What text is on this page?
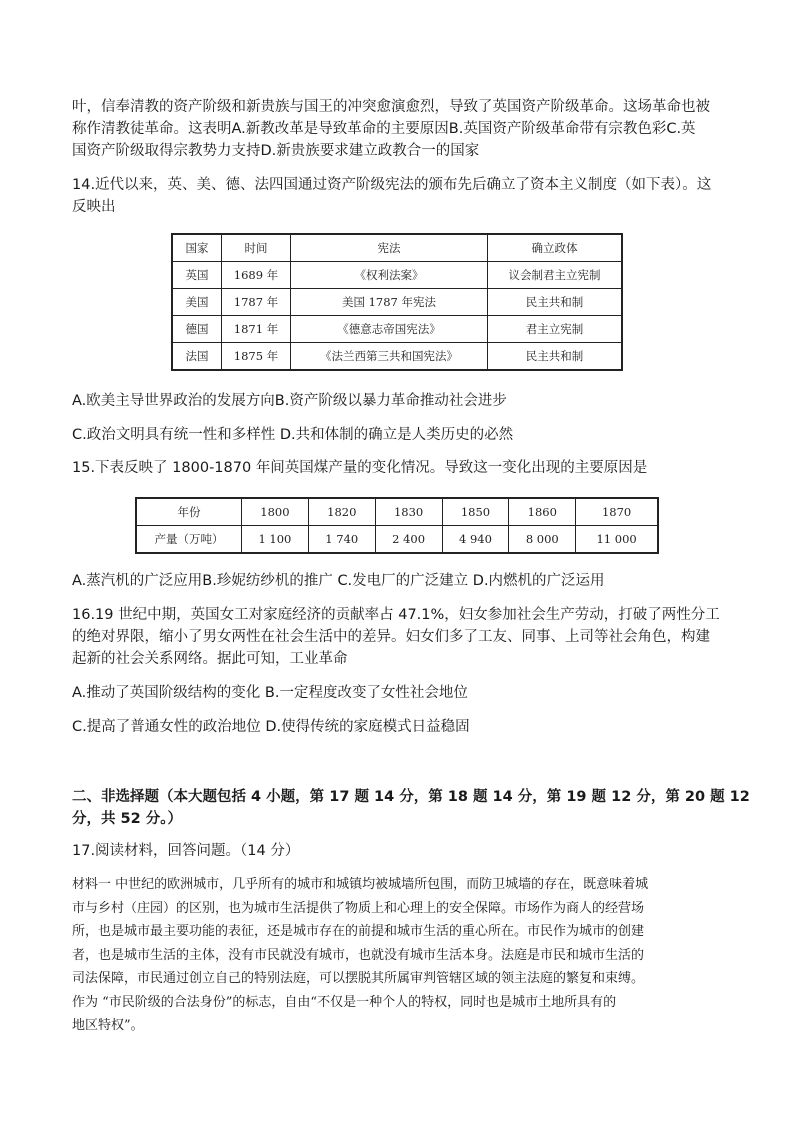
叶，信奉清教的资产阶级和新贵族与国王的冲突愈演愈烈，导致了英国资产阶级革命。这场革命也被

称作清教徒革命。这表明A.新教改革是导致革命的主要原因B.英国资产阶级革命带有宗教色彩C.英

国资产阶级取得宗教势力支持D.新贵族要求建立政教合一的国家

14.近代以来，英、美、德、法四国通过资产阶级宪法的颁布先后确立了资本主义制度（如下表）。这

反映出

国家	时间	宪法	确立政体
英国	1689 年	《权利法案》	议会制君主立宪制
美国	1787 年	美国 1787 年宪法	民主共和制
德国	1871 年	《德意志帝国宪法》	君主立宪制
法国	1875 年	《法兰西第三共和国宪法》	民主共和制

A.欧美主导世界政治的发展方向B.资产阶级以暴力革命推动社会进步

C.政治文明具有统一性和多样性 D.共和体制的确立是人类历史的必然

15.下表反映了 1800-1870 年间英国煤产量的变化情况。导致这一变化出现的主要原因是

年份	1800	1820	1830	1850	1860	1870
产量（万吨）	1 100	1 740	2 400	4 940	8 000	11 000

A.蒸汽机的广泛应用B.珍妮纺纱机的推广 C.发电厂的广泛建立 D.内燃机的广泛运用

16.19 世纪中期，英国女工对家庭经济的贡献率占 47.1%，妇女参加社会生产劳动，打破了两性分工

的绝对界限，缩小了男女两性在社会生活中的差异。妇女们多了工友、同事、上司等社会角色，构建

起新的社会关系网络。据此可知，工业革命

A.推动了英国阶级结构的变化 B.一定程度改变了女性社会地位

C.提高了普通女性的政治地位 D.使得传统的家庭模式日益稳固

二、非选择题（本大题包括 4 小题，第 17 题 14 分，第 18 题 14 分，第 19 题 12 分，第 20 题 12

分，共 52 分。）

17.阅读材料，回答问题。（14 分）

材料一 中世纪的欧洲城市，几乎所有的城市和城镇均被城墙所包围，而防卫城墙的存在，既意味着城

市与乡村（庄园）的区别，也为城市生活提供了物质上和心理上的安全保障。市场作为商人的经营场

所，也是城市最主要功能的表征，还是城市存在的前提和城市生活的重心所在。市民作为城市的创建

者，也是城市生活的主体，没有市民就没有城市，也就没有城市生活本身。法庭是市民和城市生活的

司法保障，市民通过创立自己的特别法庭，可以摆脱其所属审判管辖区域的领主法庭的繁复和束缚。

作为 “市民阶级的合法身份”的标志，自由“不仅是一种个人的特权，同时也是城市土地所具有的

地区特权”。
